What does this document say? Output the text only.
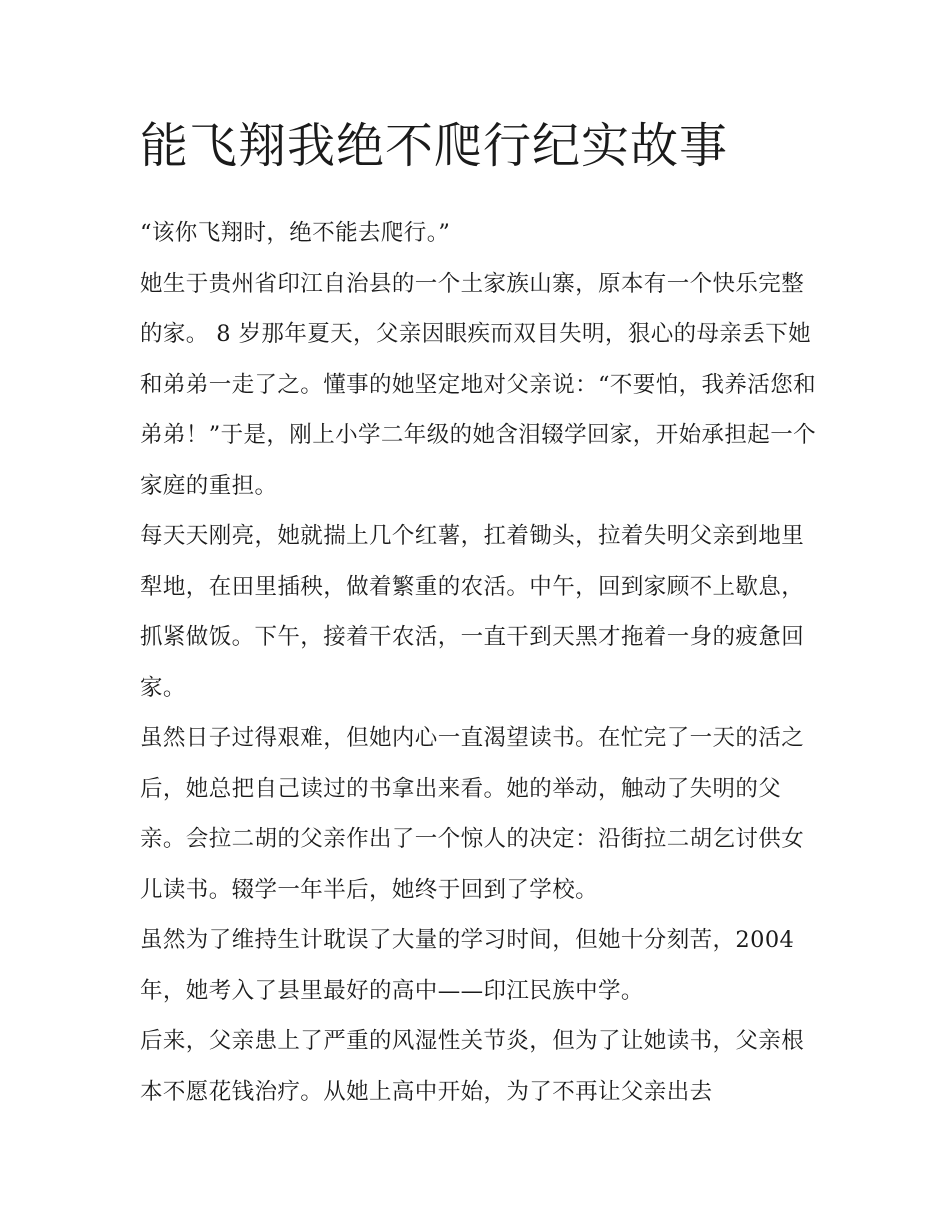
能飞翔我绝不爬行纪实故事

“该你飞翔时，绝不能去爬行。”

她生于贵州省印江自治县的一个土家族山寨，原本有一个快乐完整的家。 8 岁那年夏天，父亲因眼疾而双目失明，狠心的母亲丢下她和弟弟一走了之。懂事的她坚定地对父亲说：“不要怕，我养活您和弟弟！”于是，刚上小学二年级的她含泪辍学回家，开始承担起一个家庭的重担。

每天天刚亮，她就揣上几个红薯，扛着锄头，拉着失明父亲到地里犁地，在田里插秧，做着繁重的农活。中午，回到家顾不上歇息，抓紧做饭。下午，接着干农活，一直干到天黑才拖着一身的疲惫回家。

虽然日子过得艰难，但她内心一直渴望读书。在忙完了一天的活之后，她总把自己读过的书拿出来看。她的举动，触动了失明的父亲。会拉二胡的父亲作出了一个惊人的决定：沿街拉二胡乞讨供女儿读书。辍学一年半后，她终于回到了学校。

虽然为了维持生计耽误了大量的学习时间，但她十分刻苦，2004 年，她考入了县里最好的高中——印江民族中学。

后来，父亲患上了严重的风湿性关节炎，但为了让她读书，父亲根本不愿花钱治疗。从她上高中开始，为了不再让父亲出去
